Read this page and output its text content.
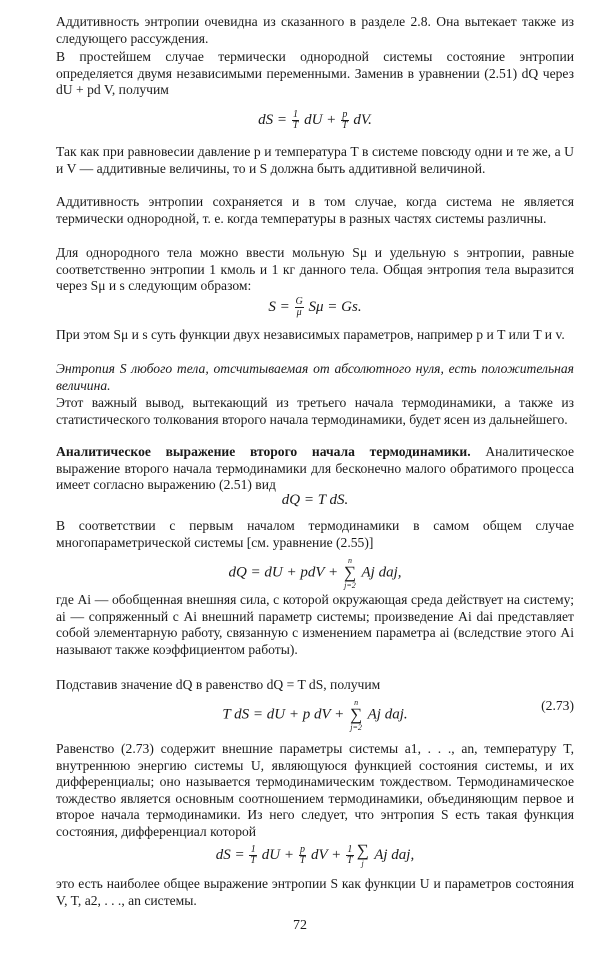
Аддитивность энтропии очевидна из сказанного в разделе 2.8. Она вытекает также из следующего рассуждения.

В простейшем случае термически однородной системы состояние энтропии определяется двумя независимыми переменными. Заменив в уравнении (2.51) dQ через dU + pd V, получим

dS = $\frac{1}{T}$ dU + $\frac{p}{T}$ dV.

Так как при равновесии давление p и температура T в системе повсюду одни и те же, а U и V — аддитивные величины, то и S должна быть аддитивной величиной.

Аддитивность энтропии сохраняется и в том случае, когда система не является термически однородной, т. е. когда температуры в разных частях системы различны.

Для однородного тела можно ввести мольную Sμ и удельную s энтропии, равные соответственно энтропии 1 кмоль и 1 кг данного тела. Общая энтропия тела выразится через Sμ и s следующим образом:

$S = \frac{G}{\mu}$ Sμ = Gs.

При этом Sμ и s суть функции двух независимых параметров, например p и T или T и v.

Энтропия S любого тела, отсчитываемая от абсолютного нуля, есть положительная величина.

Этот важный вывод, вытекающий из третьего начала термодинамики, а также из статистического толкования второго начала термодинамики, будет ясен из дальнейшего.

Аналитическое выражение второго начала термодинамики. Аналитическое выражение второго начала термодинамики для бесконечно малого обратимого процесса имеет согласно выражению (2.51) вид

dQ = T dS.

В соответствии с первым началом термодинамики в самом общем случае многопараметрической системы [см. уравнение (2.55)]

dQ = dU + pdV +
n
∑
j=2
Aj daj,

где Ai — обобщенная внешняя сила, с которой окружающая среда действует на систему; ai — сопряженный с Ai внешний параметр системы; произведение Ai dai представляет собой элементарную работу, связанную с изменением параметра ai (вследствие этого Ai называют также коэффициентом работы).

Подставив значение dQ в равенство dQ = T dS, получим

T dS = dU + p dV +
n
∑
j=2
Aj daj.
(2.73)

Равенство (2.73) содержит внешние параметры системы a1, . . ., an, температуру T, внутреннюю энергию системы U, являющуюся функцией состояния системы, и их дифференциалы; оно называется термодинамическим тождеством. Термодинамическое тождество является основным соотношением термодинамики, объединяющим первое и второе начала термодинамики. Из него следует, что энтропия S есть такая функция состояния, дифференциал которой

dS = $\frac{1}{T}$ dU + $\frac{p}{T}$ dV + $\frac{1}{T}$ ∑
j
Aj daj,

это есть наиболее общее выражение энтропии S как функции U и параметров состояния V, T, a2, . . ., an системы.

72
